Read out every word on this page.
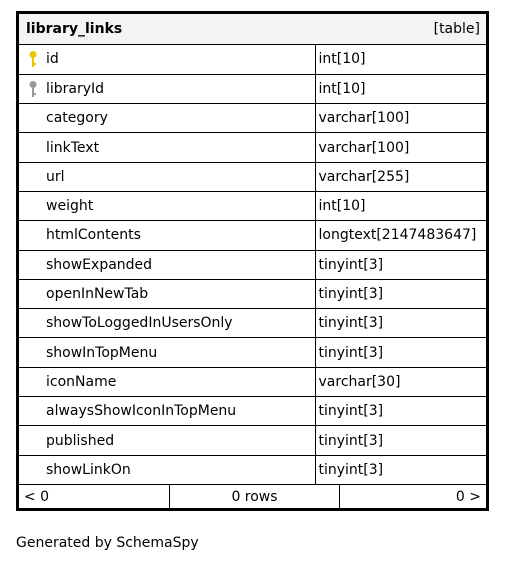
library_links	[table]
id	int[10]

libraryId	int[10]

category	varchar[100]

linkText	varchar[100]

url	varchar[255]

weight	int[10]

htmlContents	longtext[2147483647]

showExpanded	tinyint[3]

openInNewTab	tinyint[3]

showToLoggedInUsersOnly	tinyint[3]

showInTopMenu	tinyint[3]

iconName	varchar[30]

alwaysShowIconInTopMenu	tinyint[3]

published	tinyint[3]

showLinkOn	tinyint[3]
< 0	0 rows	0 >
Generated by SchemaSpy
